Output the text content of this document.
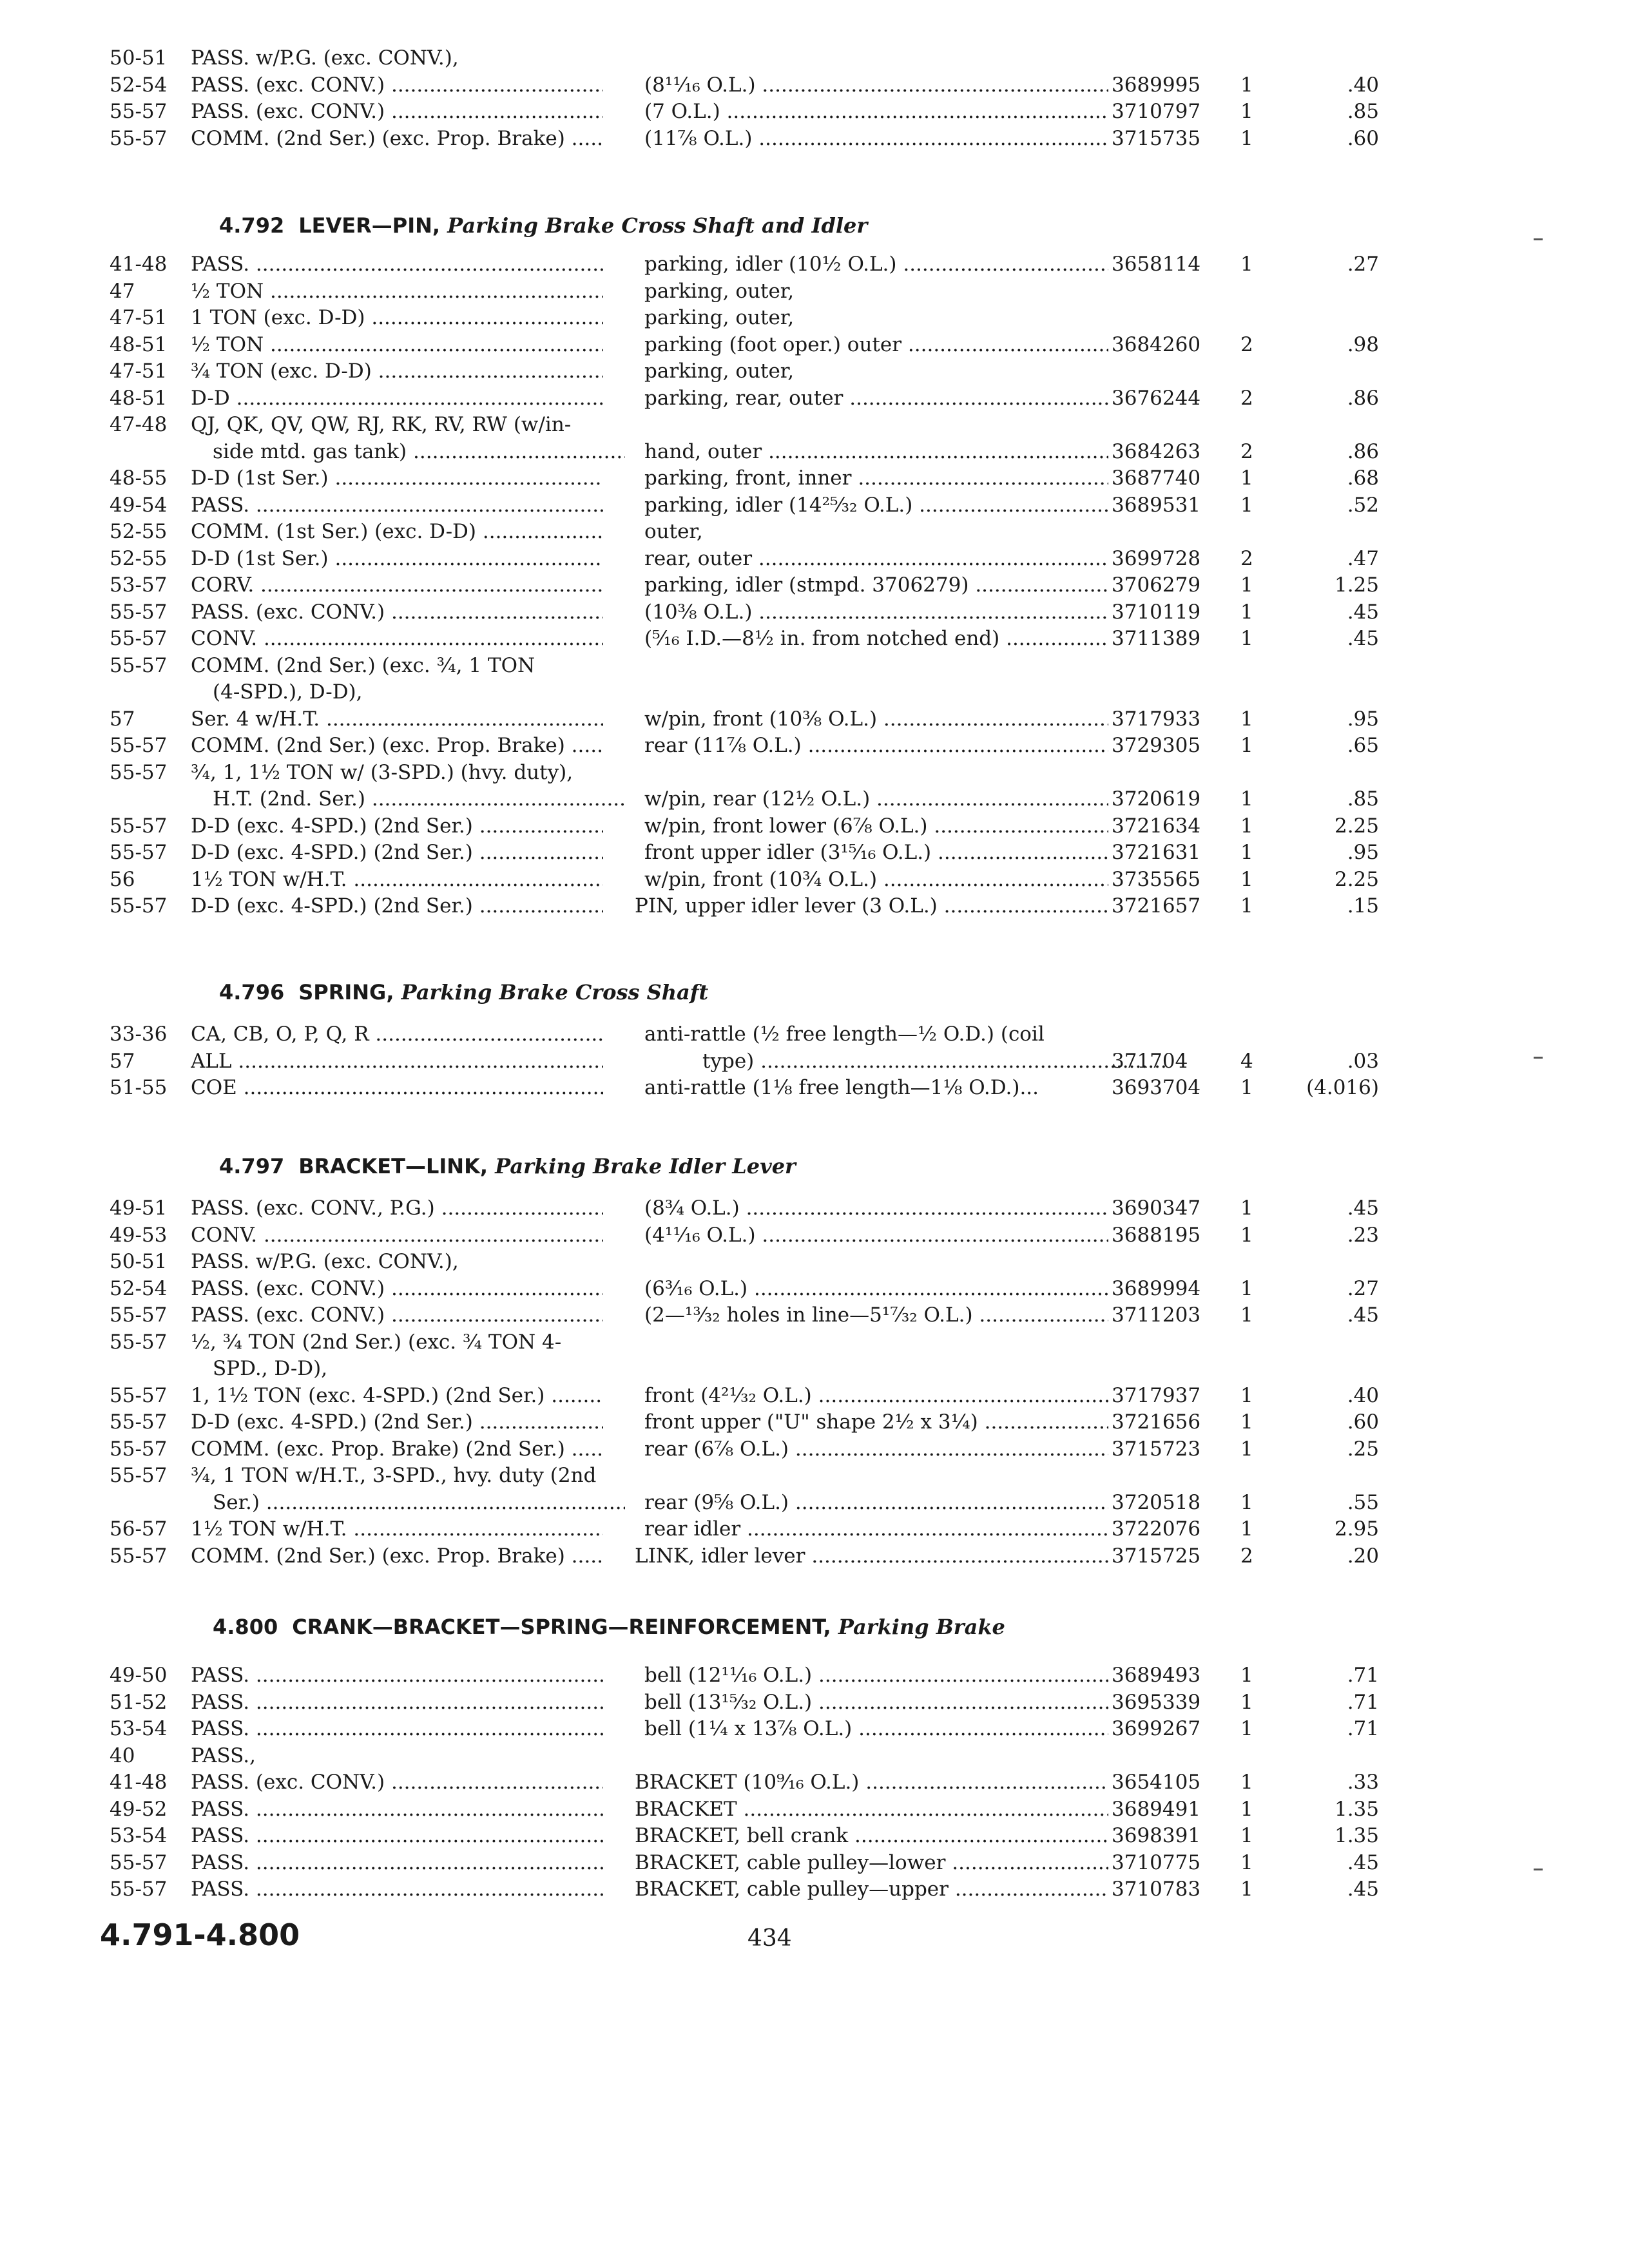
50-51	PASS. w/P.G. (exc. CONV.),
52-54	PASS. (exc. CONV.) .....	(8¹¹⁄₁₆ O.L.) .....	3689995	1	.40
55-57	PASS. (exc. CONV.) .....	(7 O.L.) .....	3710797	1	.85
55-57	COMM. (2nd Ser.) (exc. Prop. Brake) .....	(11⅞ O.L.) .....	3715735	1	.60
4.792 LEVER—PIN, Parking Brake Cross Shaft and Idler
41-48	PASS. .....	parking, idler (10½ O.L.) .....	3658114	1	.27
47	½ TON .....	parking, outer,
47-51	1 TON (exc. D-D) .....	parking, outer,
48-51	½ TON .....	parking (foot oper.) outer .....	3684260	2	.98
47-51	¾ TON (exc. D-D) .....	parking, outer,
48-51	D-D .....	parking, rear, outer .....	3676244	2	.86
47-48	QJ, QK, QV, QW, RJ, RK, RV, RW (w/in-
side mtd. gas tank) .....	hand, outer .....	3684263	2	.86
48-55	D-D (1st Ser.) .....	parking, front, inner .....	3687740	1	.68
49-54	PASS. .....	parking, idler (14²⁵⁄₃₂ O.L.) .....	3689531	1	.52
52-55	COMM. (1st Ser.) (exc. D-D) .....	outer,
52-55	D-D (1st Ser.) .....	rear, outer .....	3699728	2	.47
53-57	CORV. .....	parking, idler (stmpd. 3706279) .....	3706279	1	1.25
55-57	PASS. (exc. CONV.) .....	(10⅜ O.L.) .....	3710119	1	.45
55-57	CONV. .....	(⁵⁄₁₆ I.D.—8½ in. from notched end) .....	3711389	1	.45
55-57	COMM. (2nd Ser.) (exc. ¾, 1 TON
(4-SPD.), D-D),
57	Ser. 4 w/H.T. .....	w/pin, front (10⅜ O.L.) .....	3717933	1	.95
55-57	COMM. (2nd Ser.) (exc. Prop. Brake) .....	rear (11⅞ O.L.) .....	3729305	1	.65
55-57	¾, 1, 1½ TON w/ (3-SPD.) (hvy. duty),
H.T. (2nd. Ser.) .....	w/pin, rear (12½ O.L.) .....	3720619	1	.85
55-57	D-D (exc. 4-SPD.) (2nd Ser.) .....	w/pin, front lower (6⅞ O.L.) .....	3721634	1	2.25
55-57	D-D (exc. 4-SPD.) (2nd Ser.) .....	front upper idler (3¹⁵⁄₁₆ O.L.) .....	3721631	1	.95
56	1½ TON w/H.T. .....	w/pin, front (10¾ O.L.) .....	3735565	1	2.25
55-57	D-D (exc. 4-SPD.) (2nd Ser.) .....	PIN, upper idler lever (3 O.L.) .....	3721657	1	.15
4.796 SPRING, Parking Brake Cross Shaft
33-36	CA, CB, O, P, Q, R .....	anti-rattle (½ free length—½ O.D.) (coil
57	ALL .....	type) .....	371704	4	.03
51-55	COE .....	anti-rattle (1⅛ free length—1⅛ O.D.)...	3693704	1	(4.016)
4.797 BRACKET—LINK, Parking Brake Idler Lever
49-51	PASS. (exc. CONV., P.G.) .....	(8¾ O.L.) .....	3690347	1	.45
49-53	CONV. .....	(4¹¹⁄₁₆ O.L.) .....	3688195	1	.23
50-51	PASS. w/P.G. (exc. CONV.),
52-54	PASS. (exc. CONV.) .....	(6³⁄₁₆ O.L.) .....	3689994	1	.27
55-57	PASS. (exc. CONV.) .....	(2—¹³⁄₃₂ holes in line—5¹⁷⁄₃₂ O.L.) .....	3711203	1	.45
55-57	½, ¾ TON (2nd Ser.) (exc. ¾ TON 4-
SPD., D-D),
55-57	1, 1½ TON (exc. 4-SPD.) (2nd Ser.) .....	front (4²¹⁄₃₂ O.L.) .....	3717937	1	.40
55-57	D-D (exc. 4-SPD.) (2nd Ser.) .....	front upper ("U" shape 2½ x 3¼) .....	3721656	1	.60
55-57	COMM. (exc. Prop. Brake) (2nd Ser.) .....	rear (6⅞ O.L.) .....	3715723	1	.25
55-57	¾, 1 TON w/H.T., 3-SPD., hvy. duty (2nd
Ser.) .....	rear (9⅝ O.L.) .....	3720518	1	.55
56-57	1½ TON w/H.T. .....	rear idler .....	3722076	1	2.95
55-57	COMM. (2nd Ser.) (exc. Prop. Brake) .....	LINK, idler lever .....	3715725	2	.20
4.800 CRANK—BRACKET—SPRING—REINFORCEMENT, Parking Brake
49-50	PASS. .....	bell (12¹¹⁄₁₆ O.L.) .....	3689493	1	.71
51-52	PASS. .....	bell (13¹⁵⁄₃₂ O.L.) .....	3695339	1	.71
53-54	PASS. .....	bell (1¼ x 13⅞ O.L.) .....	3699267	1	.71
40	PASS.,
41-48	PASS. (exc. CONV.) .....	BRACKET (10⁹⁄₁₆ O.L.) .....	3654105	1	.33
49-52	PASS. .....	BRACKET .....	3689491	1	1.35
53-54	PASS. .....	BRACKET, bell crank .....	3698391	1	1.35
55-57	PASS. .....	BRACKET, cable pulley—lower .....	3710775	1	.45
55-57	PASS. .....	BRACKET, cable pulley—upper .....	3710783	1	.45
4.791-4.800	434
